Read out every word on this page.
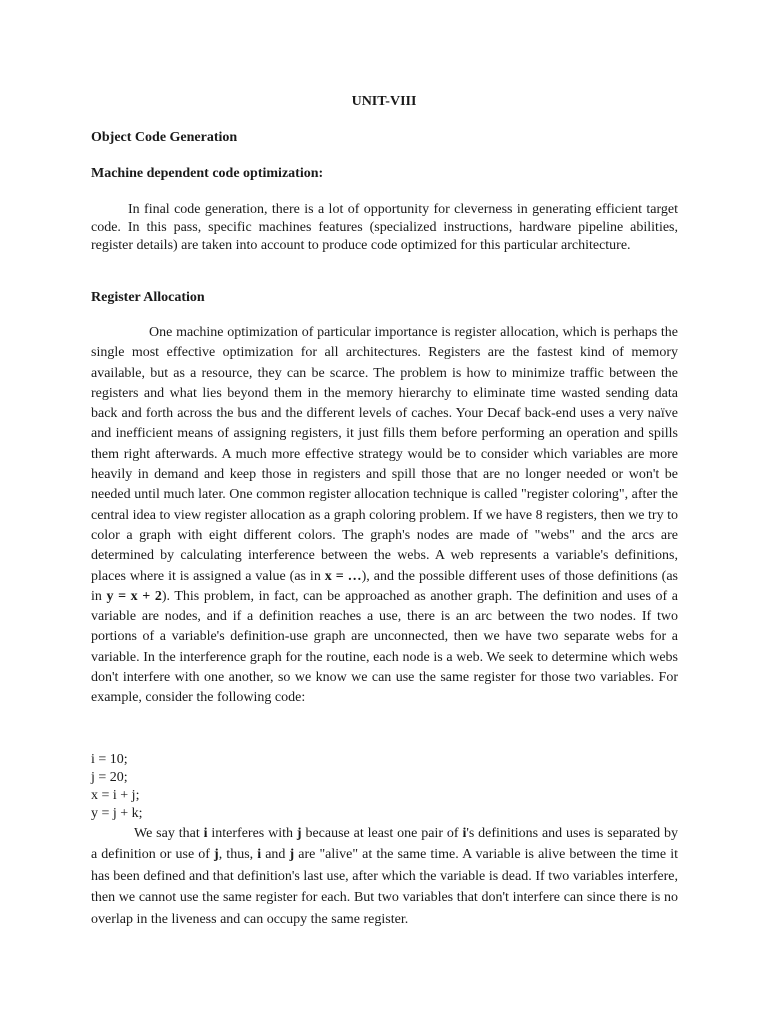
UNIT-VIII
Object Code Generation
Machine dependent code optimization:

In final code generation, there is a lot of opportunity for cleverness in generating efficient target code. In this pass, specific machines features (specialized instructions, hardware pipeline abilities, register details) are taken into account to produce code optimized for this particular architecture.

Register Allocation

One machine optimization of particular importance is register allocation, which is perhaps the single most effective optimization for all architectures. Registers are the fastest kind of memory available, but as a resource, they can be scarce. The problem is how to minimize traffic between the registers and what lies beyond them in the memory hierarchy to eliminate time wasted sending data back and forth across the bus and the different levels of caches. Your Decaf back-end uses a very naïve and inefficient means of assigning registers, it just fills them before performing an operation and spills them right afterwards. A much more effective strategy would be to consider which variables are more heavily in demand and keep those in registers and spill those that are no longer needed or won't be needed until much later. One common register allocation technique is called "register coloring", after the central idea to view register allocation as a graph coloring problem. If we have 8 registers, then we try to color a graph with eight different colors. The graph's nodes are made of "webs" and the arcs are determined by calculating interference between the webs. A web represents a variable's definitions, places where it is assigned a value (as in x = …), and the possible different uses of those definitions (as in y = x + 2). This problem, in fact, can be approached as another graph. The definition and uses of a variable are nodes, and if a definition reaches a use, there is an arc between the two nodes. If two portions of a variable's definition-use graph are unconnected, then we have two separate webs for a variable. In the interference graph for the routine, each node is a web. We seek to determine which webs don't interfere with one another, so we know we can use the same register for those two variables. For example, consider the following code:

i = 10;
j = 20;
x = i + j;
y = j + k;

We say that i interferes with j because at least one pair of i's definitions and uses is separated by a definition or use of j, thus, i and j are "alive" at the same time. A variable is alive between the time it has been defined and that definition's last use, after which the variable is dead. If two variables interfere, then we cannot use the same register for each. But two variables that don't interfere can since there is no overlap in the liveness and can occupy the same register.
